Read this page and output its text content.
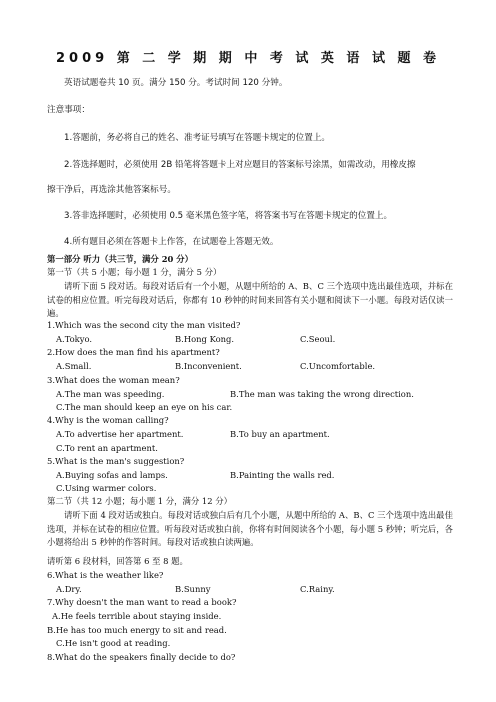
2009 第 二 学 期 期 中 考 试 英 语 试 题 卷
英语试题卷共 10 页。满分 150 分。考试时间 120 分钟。
注意事项：
1.答题前，务必将自己的姓名、准考证号填写在答题卡规定的位置上。
2.答选择题时，必须使用 2B 铅笔将答题卡上对应题目的答案标号涂黑，如需改动，用橡皮擦
擦干净后，再选涂其他答案标号。
3.答非选择题时，必须使用 0.5 毫米黑色签字笔，将答案书写在答题卡规定的位置上。
4.所有题目必须在答题卡上作答，在试题卷上答题无效。
第一部分 听力（共三节，满分 20 分）
第一节（共 5 小题；每小题 1 分，满分 5 分）
请听下面 5 段对话。每段对话后有一个小题，从题中所给的 A、B、C 三个选项中选出最佳选项，并标在试卷的相应位置。听完每段对话后，你都有 10 秒钟的时间来回答有关小题和阅读下一小题。每段对话仅读一遍。
1.Which was the second city the man visited?
A.Tokyo.	B.Hong Kong.	C.Seoul.
2.How does the man find his apartment?
A.Small.	B.Inconvenient.	C.Uncomfortable.
3.What does the woman mean?
A.The man was speeding.	B.The man was taking the wrong direction.
C.The man should keep an eye on his car.
4.Why is the woman calling?
A.To advertise her apartment.	B.To buy an apartment.
C.To rent an apartment.
5.What is the man's suggestion?
A.Buying sofas and lamps.	B.Painting the walls red.
C.Using warmer colors.
第二节（共 12 小题；每小题 1 分，满分 12 分）
请听下面 4 段对话或独白。每段对话或独白后有几个小题，从题中所给的 A、B、C 三个选项中选出最佳选项，并标在试卷的相应位置。听每段对话或独白前，你将有时间阅读各个小题，每小题 5 秒钟；听完后，各小题将给出 5 秒钟的作答时间。每段对话或独白读两遍。
请听第 6 段材料，回答第 6 至 8 题。
6.What is the weather like?
A.Dry.	B.Sunny	C.Rainy.
7.Why doesn't the man want to read a book?
A.He feels terrible about staying inside.
B.He has too much energy to sit and read.
C.He isn't good at reading.
8.What do the speakers finally decide to do?
